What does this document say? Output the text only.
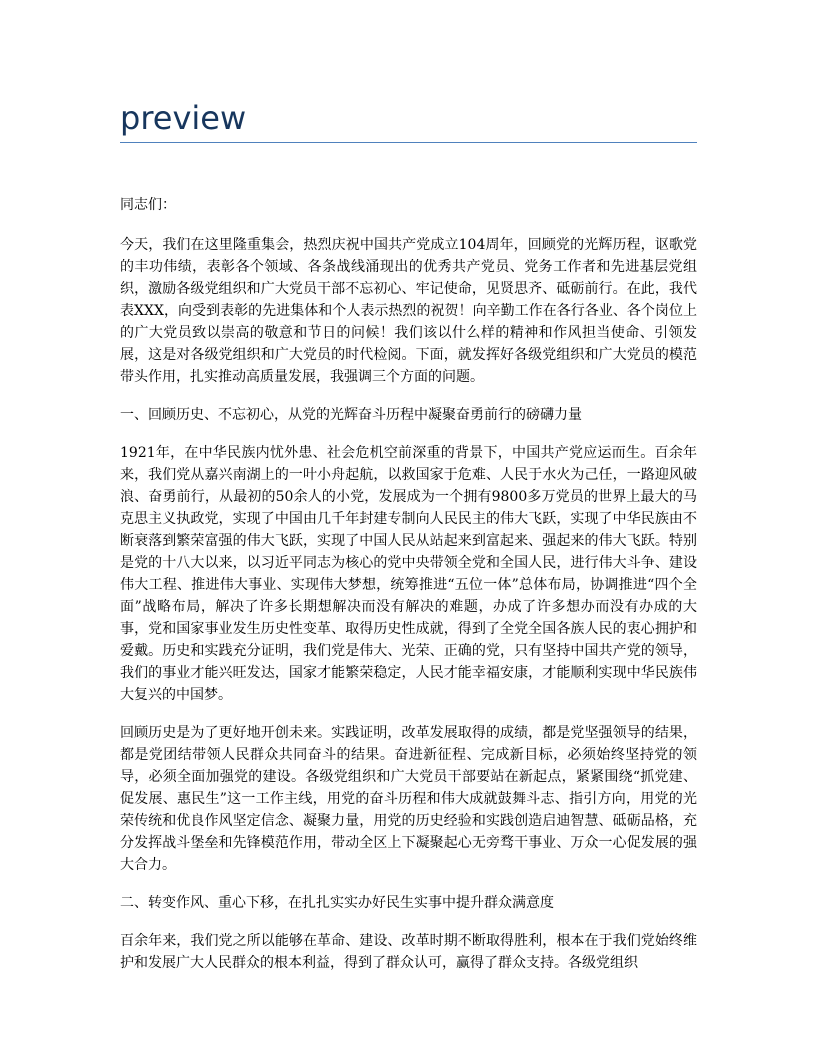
preview

同志们：

今天，我们在这里隆重集会，热烈庆祝中国共产党成立104周年，回顾党的光辉历程，讴歌党的丰功伟绩，表彰各个领域、各条战线涌现出的优秀共产党员、党务工作者和先进基层党组织，激励各级党组织和广大党员干部不忘初心、牢记使命，见贤思齐、砥砺前行。在此，我代表XXX，向受到表彰的先进集体和个人表示热烈的祝贺！向辛勤工作在各行各业、各个岗位上的广大党员致以崇高的敬意和节日的问候！我们该以什么样的精神和作风担当使命、引领发展，这是对各级党组织和广大党员的时代检阅。下面，就发挥好各级党组织和广大党员的模范带头作用，扎实推动高质量发展，我强调三个方面的问题。

一、回顾历史、不忘初心，从党的光辉奋斗历程中凝聚奋勇前行的磅礴力量

1921年，在中华民族内忧外患、社会危机空前深重的背景下，中国共产党应运而生。百余年来，我们党从嘉兴南湖上的一叶小舟起航，以救国家于危难、人民于水火为己任，一路迎风破浪、奋勇前行，从最初的50余人的小党，发展成为一个拥有9800多万党员的世界上最大的马克思主义执政党，实现了中国由几千年封建专制向人民民主的伟大飞跃，实现了中华民族由不断衰落到繁荣富强的伟大飞跃，实现了中国人民从站起来到富起来、强起来的伟大飞跃。特别是党的十八大以来，以习近平同志为核心的党中央带领全党和全国人民，进行伟大斗争、建设伟大工程、推进伟大事业、实现伟大梦想，统筹推进“五位一体”总体布局，协调推进“四个全面”战略布局，解决了许多长期想解决而没有解决的难题，办成了许多想办而没有办成的大事，党和国家事业发生历史性变革、取得历史性成就，得到了全党全国各族人民的衷心拥护和爱戴。历史和实践充分证明，我们党是伟大、光荣、正确的党，只有坚持中国共产党的领导，我们的事业才能兴旺发达，国家才能繁荣稳定，人民才能幸福安康，才能顺利实现中华民族伟大复兴的中国梦。

回顾历史是为了更好地开创未来。实践证明，改革发展取得的成绩，都是党坚强领导的结果，都是党团结带领人民群众共同奋斗的结果。奋进新征程、完成新目标，必须始终坚持党的领导，必须全面加强党的建设。各级党组织和广大党员干部要站在新起点，紧紧围绕“抓党建、促发展、惠民生”这一工作主线，用党的奋斗历程和伟大成就鼓舞斗志、指引方向，用党的光荣传统和优良作风坚定信念、凝聚力量，用党的历史经验和实践创造启迪智慧、砥砺品格，充分发挥战斗堡垒和先锋模范作用，带动全区上下凝聚起心无旁骛干事业、万众一心促发展的强大合力。

二、转变作风、重心下移，在扎扎实实办好民生实事中提升群众满意度

百余年来，我们党之所以能够在革命、建设、改革时期不断取得胜利，根本在于我们党始终维护和发展广大人民群众的根本利益，得到了群众认可，赢得了群众支持。各级党组织
